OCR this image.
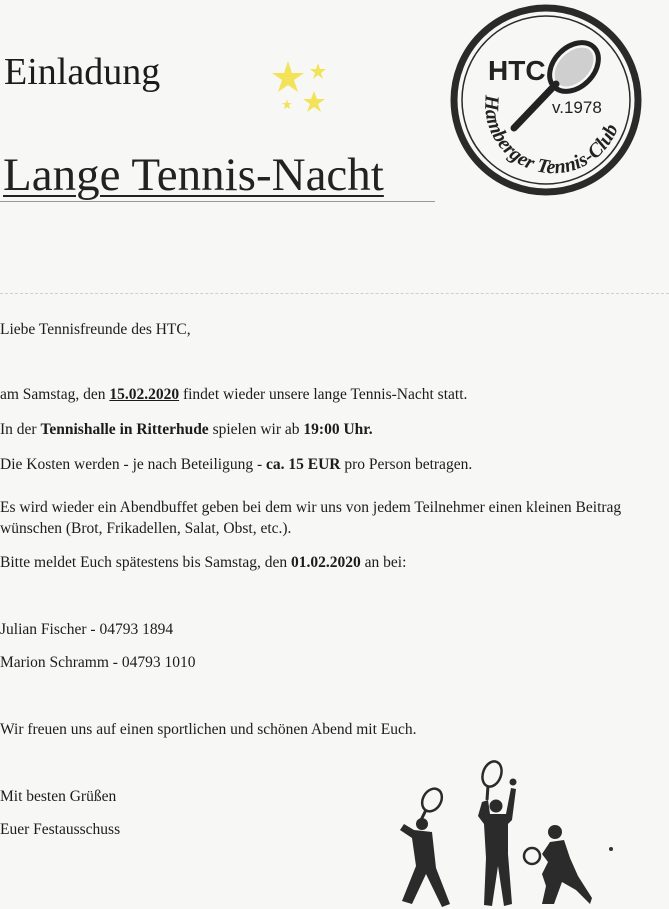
Einladung
Lange Tennis-Nacht
HTC
v.1978
Hamberger Tennis-Club
Liebe Tennisfreunde des HTC,
am Samstag, den 15.02.2020 findet wieder unsere lange Tennis-Nacht statt.
In der Tennishalle in Ritterhude spielen wir ab 19:00 Uhr.
Die Kosten werden - je nach Beteiligung - ca. 15 EUR pro Person betragen.
Es wird wieder ein Abendbuffet geben bei dem wir uns von jedem Teilnehmer einen kleinen Beitrag wünschen (Brot, Frikadellen, Salat, Obst, etc.).
Bitte meldet Euch spätestens bis Samstag, den 01.02.2020 an bei:
Julian Fischer - 04793 1894
Marion Schramm - 04793 1010
Wir freuen uns auf einen sportlichen und schönen Abend mit Euch.
Mit besten Grüßen
Euer Festausschuss
